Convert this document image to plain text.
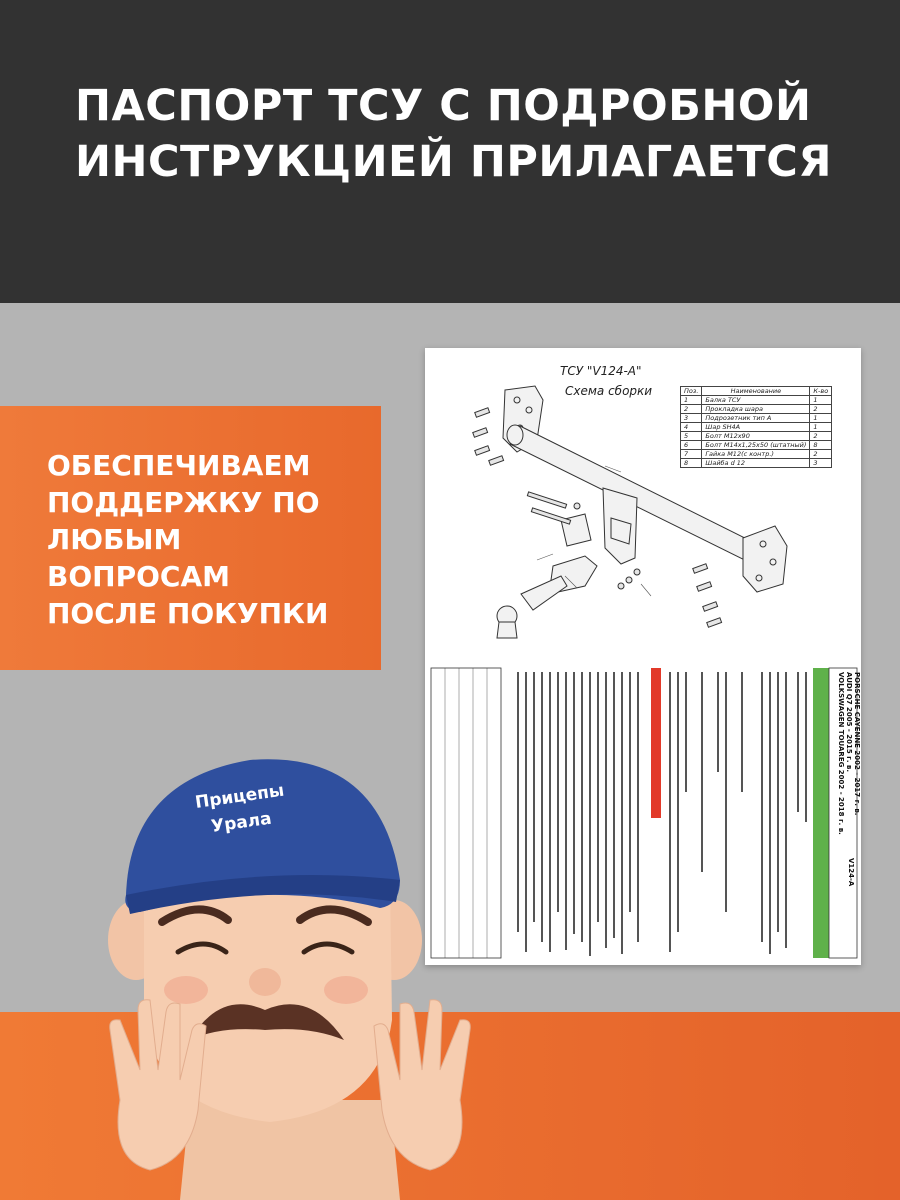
ПАСПОРТ ТСУ С ПОДРОБНОЙ
ИНСТРУКЦИЕЙ ПРИЛАГАЕТСЯ

ОБЕСПЕЧИВАЕМ
ПОДДЕРЖКУ ПО
ЛЮБЫМ
ВОПРОСАМ
ПОСЛЕ ПОКУПКИ

ТСУ "V124-A"
Схема сборки	Поз.	Наименование	К-во
1	Балка ТСУ	1
2	Прокладка шара	2
3	Подрозетник тип А	1
4	Шар SH4A	1
5	Болт M12x90	2
6	Болт M14x1,25x50 (штатный)	8
7	Гайка M12(с контр.)	2
8	Шайба d 12	3
VOLKSWAGEN TOUAREG 2002 - 2018 г. в. AUDI Q7 2005 - 2015 г. в. PORSCHE CAYENNE 2002 - 2017 г. в.
V124-A
Прицепы
Урала
